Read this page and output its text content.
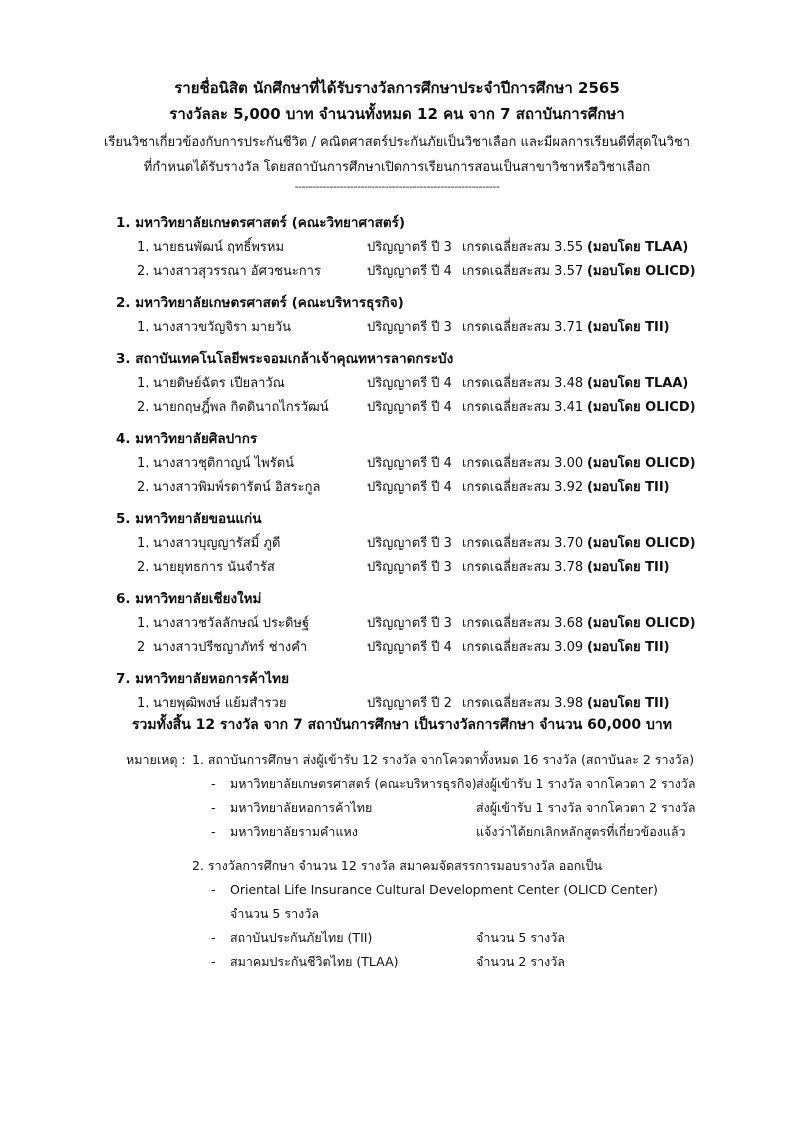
รายชื่อนิสิต นักศึกษาที่ได้รับรางวัลการศึกษาประจำปีการศึกษา 2565
รางวัลละ 5,000 บาท จำนวนทั้งหมด 12 คน จาก 7 สถาบันการศึกษา
เรียนวิชาเกี่ยวข้องกับการประกันชีวิต / คณิตศาสตร์ประกันภัยเป็นวิชาเลือก และมีผลการเรียนดีที่สุดในวิชา
ที่กำหนดได้รับรางวัล โดยสถาบันการศึกษาเปิดการเรียนการสอนเป็นสาขาวิชาหรือวิชาเลือก
-----------------------------------------------------------
1. มหาวิทยาลัยเกษตรศาสตร์ (คณะวิทยาศาสตร์)
1. นายธนพัฒน์ ฤทธิ์พรหม	ปริญญาตรี ปี 3 เกรดเฉลี่ยสะสม 3.55 (มอบโดย TLAA)
2. นางสาวสุวรรณา อัศวชนะการ	ปริญญาตรี ปี 4 เกรดเฉลี่ยสะสม 3.57 (มอบโดย OLICD)
2. มหาวิทยาลัยเกษตรศาสตร์ (คณะบริหารธุรกิจ)
1. นางสาวขวัญจิรา มายวัน	ปริญญาตรี ปี 3 เกรดเฉลี่ยสะสม 3.71 (มอบโดย TII)
3. สถาบันเทคโนโลยีพระจอมเกล้าเจ้าคุณทหารลาดกระบัง
1. นายดิษย์ฉัตร เปียลาวัณ	ปริญญาตรี ปี 4 เกรดเฉลี่ยสะสม 3.48 (มอบโดย TLAA)
2. นายกฤษฎิ์พล กิตดินาถไกรวัฒน์	ปริญญาตรี ปี 4 เกรดเฉลี่ยสะสม 3.41 (มอบโดย OLICD)
4. มหาวิทยาลัยศิลปากร
1. นางสาวชุติกาญน์ ไพรัตน์	ปริญญาตรี ปี 4 เกรดเฉลี่ยสะสม 3.00 (มอบโดย OLICD)
2. นางสาวพิมพ์รดารัตน์ อิสระกูล	ปริญญาตรี ปี 4 เกรดเฉลี่ยสะสม 3.92 (มอบโดย TII)
5. มหาวิทยาลัยขอนแก่น
1. นางสาวบุญญารัสมิ์ ภูดี	ปริญญาตรี ปี 3 เกรดเฉลี่ยสะสม 3.70 (มอบโดย OLICD)
2. นายยุทธการ นันจำรัส	ปริญญาตรี ปี 3 เกรดเฉลี่ยสะสม 3.78 (มอบโดย TII)
6. มหาวิทยาลัยเชียงใหม่
1. นางสาวชวัลลักษณ์ ประดิษฐ์	ปริญญาตรี ปี 3 เกรดเฉลี่ยสะสม 3.68 (มอบโดย OLICD)
2 นางสาวปรีชญาภัทร์ ช่างคำ	ปริญญาตรี ปี 4 เกรดเฉลี่ยสะสม 3.09 (มอบโดย TII)
7. มหาวิทยาลัยหอการค้าไทย
1. นายพุฒิพงษ์ แย้มสำรวย	ปริญญาตรี ปี 2 เกรดเฉลี่ยสะสม 3.98 (มอบโดย TII)
รวมทั้งสิ้น 12 รางวัล จาก 7 สถาบันการศึกษา เป็นรางวัลการศึกษา จำนวน 60,000 บาท
หมายเหตุ : 1. สถาบันการศึกษา ส่งผู้เข้ารับ 12 รางวัล จากโควตาทั้งหมด 16 รางวัล (สถาบันละ 2 รางวัล)
- มหาวิทยาลัยเกษตรศาสตร์ (คณะบริหารธุรกิจ) ส่งผู้เข้ารับ 1 รางวัล จากโควตา 2 รางวัล
- มหาวิทยาลัยหอการค้าไทย	ส่งผู้เข้ารับ 1 รางวัล จากโควตา 2 รางวัล
- มหาวิทยาลัยรามคำแหง	แจ้งว่าได้ยกเลิกหลักสูตรที่เกี่ยวข้องแล้ว
2. รางวัลการศึกษา จำนวน 12 รางวัล สมาคมจัดสรรการมอบรางวัล ออกเป็น
- Oriental Life Insurance Cultural Development Center (OLICD Center)
จำนวน 5 รางวัล
- สถาบันประกันภัยไทย (TII)	จำนวน 5 รางวัล
- สมาคมประกันชีวิตไทย (TLAA)	จำนวน 2 รางวัล
